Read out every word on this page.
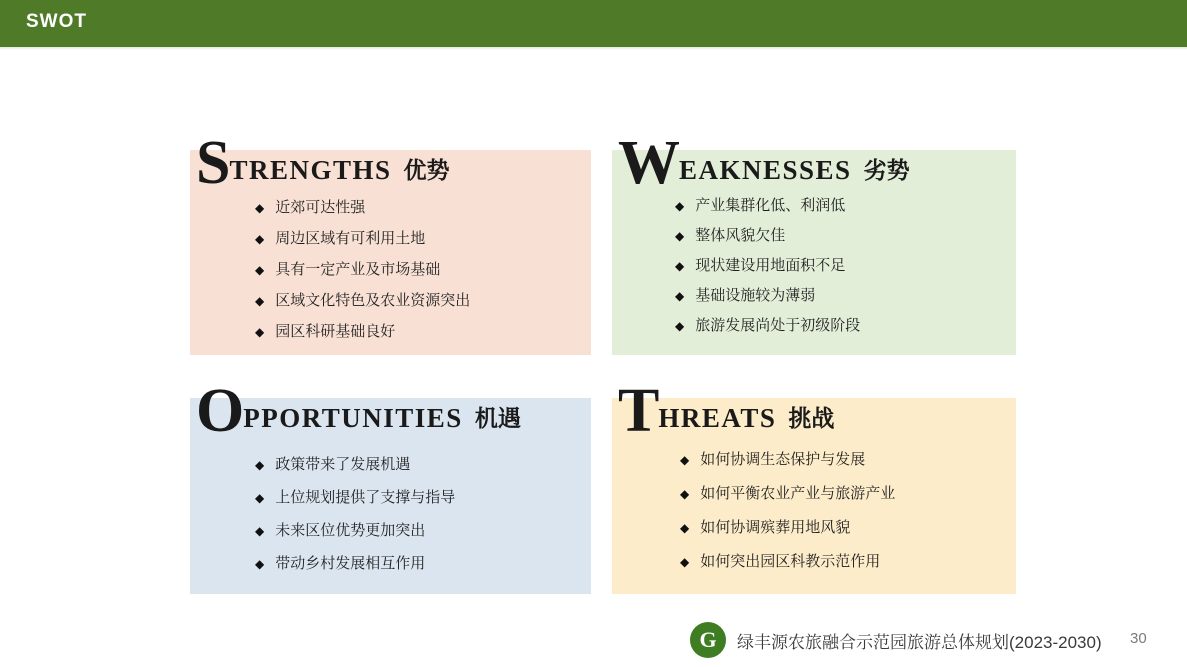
SWOT
STRENGTHS 优势	WEAKNESSES 劣势
OPPORTUNITIES 机遇 THREATS 挑战
◆ 近郊可达性强
◆ 周边区域有可利用土地
◆ 具有一定产业及市场基础
◆ 区域文化特色及农业资源突出
◆ 园区科研基础良好
◆ 产业集群化低、利润低
◆ 整体风貌欠佳
◆ 现状建设用地面积不足
◆ 基础设施较为薄弱
◆ 旅游发展尚处于初级阶段
◆ 政策带来了发展机遇
◆ 上位规划提供了支撑与指导
◆ 未来区位优势更加突出
◆ 带动乡村发展相互作用
◆ 如何协调生态保护与发展
◆ 如何平衡农业产业与旅游产业
◆ 如何协调殡葬用地风貌
◆ 如何突出园区科教示范作用
G	绿丰源农旅融合示范园旅游总体规划(2023-2030) 30
